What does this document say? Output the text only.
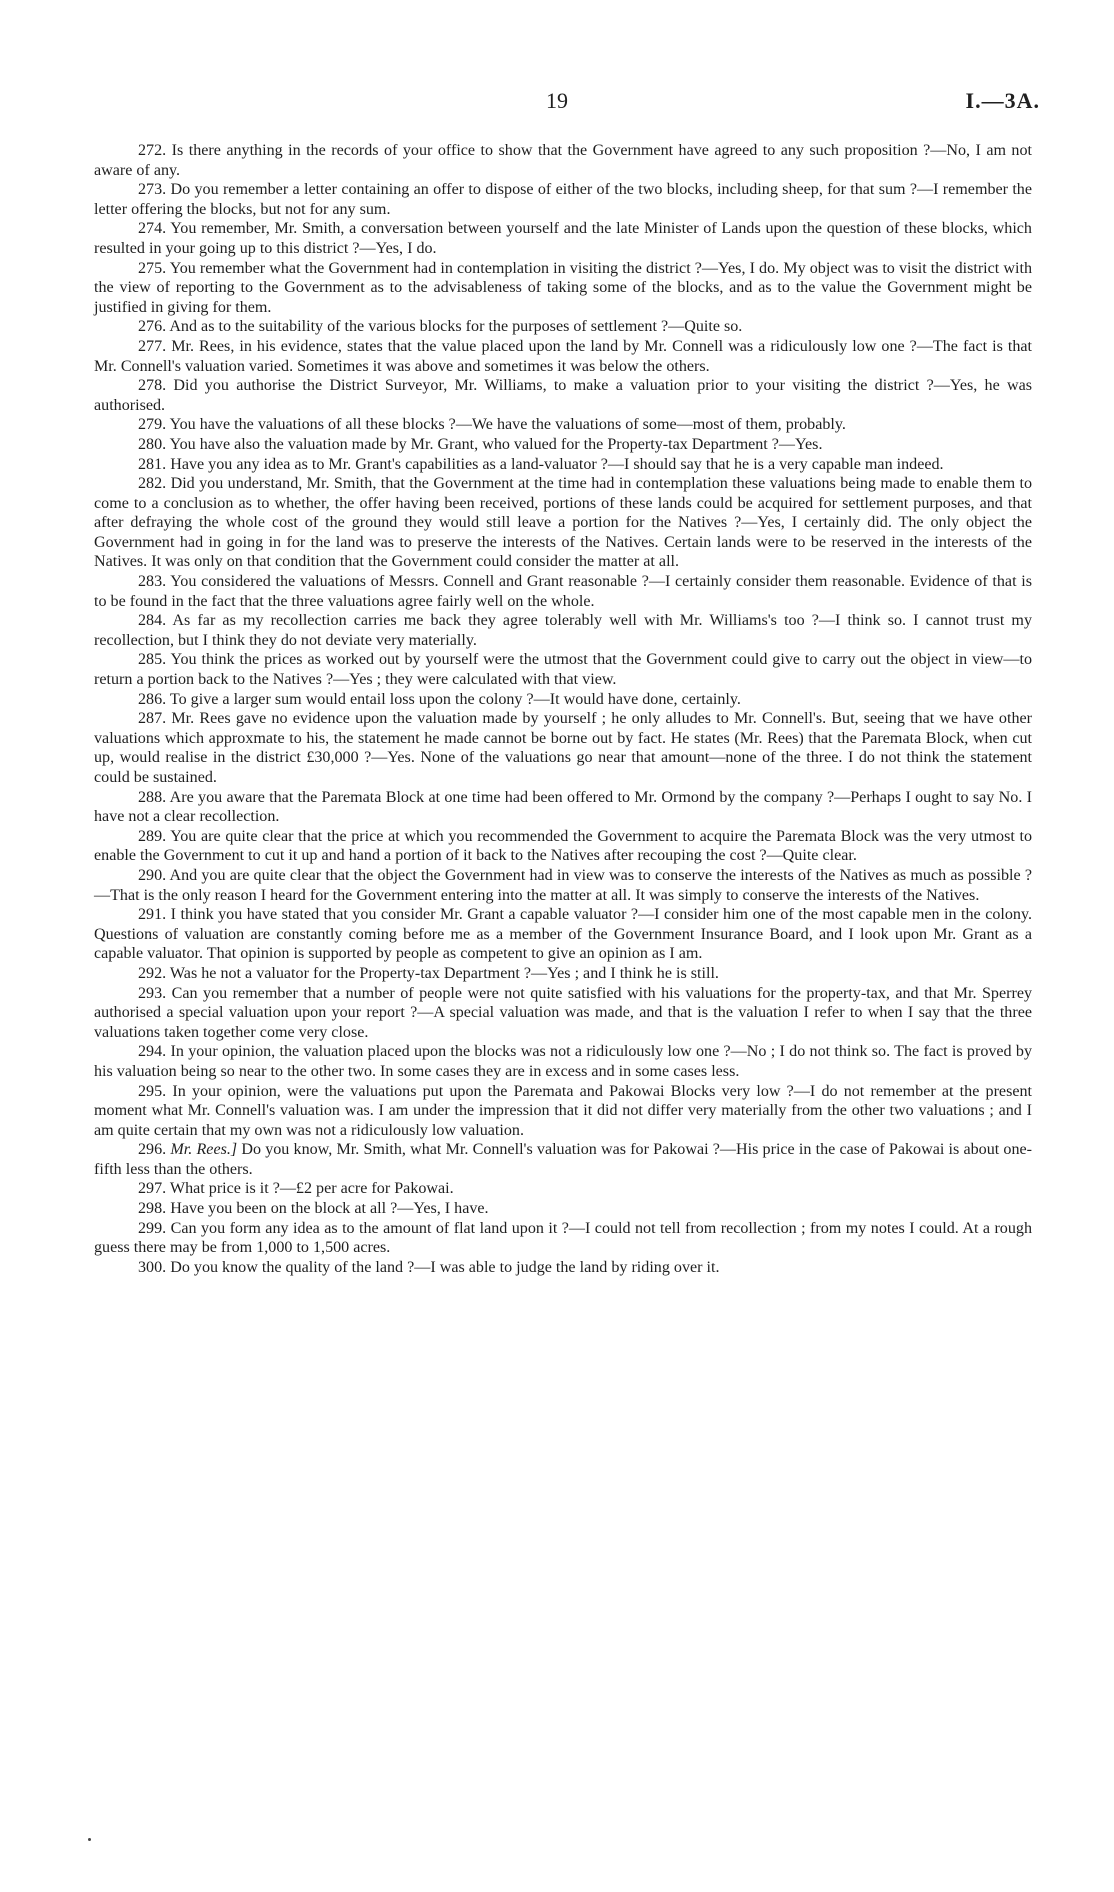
19	I.—3A.

272. Is there anything in the records of your office to show that the Government have agreed to any such proposition ?—No, I am not aware of any.

273. Do you remember a letter containing an offer to dispose of either of the two blocks, including sheep, for that sum ?—I remember the letter offering the blocks, but not for any sum.

274. You remember, Mr. Smith, a conversation between yourself and the late Minister of Lands upon the question of these blocks, which resulted in your going up to this district ?—Yes, I do.

275. You remember what the Government had in contemplation in visiting the district ?—Yes, I do. My object was to visit the district with the view of reporting to the Government as to the advisableness of taking some of the blocks, and as to the value the Government might be justified in giving for them.

276. And as to the suitability of the various blocks for the purposes of settlement ?—Quite so.

277. Mr. Rees, in his evidence, states that the value placed upon the land by Mr. Connell was a ridiculously low one ?—The fact is that Mr. Connell's valuation varied. Sometimes it was above and sometimes it was below the others.

278. Did you authorise the District Surveyor, Mr. Williams, to make a valuation prior to your visiting the district ?—Yes, he was authorised.

279. You have the valuations of all these blocks ?—We have the valuations of some—most of them, probably.

280. You have also the valuation made by Mr. Grant, who valued for the Property-tax Department ?—Yes.

281. Have you any idea as to Mr. Grant's capabilities as a land-valuator ?—I should say that he is a very capable man indeed.

282. Did you understand, Mr. Smith, that the Government at the time had in contemplation these valuations being made to enable them to come to a conclusion as to whether, the offer having been received, portions of these lands could be acquired for settlement purposes, and that after defraying the whole cost of the ground they would still leave a portion for the Natives ?—Yes, I certainly did. The only object the Government had in going in for the land was to preserve the interests of the Natives. Certain lands were to be reserved in the interests of the Natives. It was only on that condition that the Government could consider the matter at all.

283. You considered the valuations of Messrs. Connell and Grant reasonable ?—I certainly consider them reasonable. Evidence of that is to be found in the fact that the three valuations agree fairly well on the whole.

284. As far as my recollection carries me back they agree tolerably well with Mr. Williams's too ?—I think so. I cannot trust my recollection, but I think they do not deviate very materially.

285. You think the prices as worked out by yourself were the utmost that the Government could give to carry out the object in view—to return a portion back to the Natives ?—Yes ; they were calculated with that view.

286. To give a larger sum would entail loss upon the colony ?—It would have done, certainly.

287. Mr. Rees gave no evidence upon the valuation made by yourself ; he only alludes to Mr. Connell's. But, seeing that we have other valuations which approxmate to his, the statement he made cannot be borne out by fact. He states (Mr. Rees) that the Paremata Block, when cut up, would realise in the district £30,000 ?—Yes. None of the valuations go near that amount—none of the three. I do not think the statement could be sustained.

288. Are you aware that the Paremata Block at one time had been offered to Mr. Ormond by the company ?—Perhaps I ought to say No. I have not a clear recollection.

289. You are quite clear that the price at which you recommended the Government to acquire the Paremata Block was the very utmost to enable the Government to cut it up and hand a portion of it back to the Natives after recouping the cost ?—Quite clear.

290. And you are quite clear that the object the Government had in view was to conserve the interests of the Natives as much as possible ?—That is the only reason I heard for the Government entering into the matter at all. It was simply to conserve the interests of the Natives.

291. I think you have stated that you consider Mr. Grant a capable valuator ?—I consider him one of the most capable men in the colony. Questions of valuation are constantly coming before me as a member of the Government Insurance Board, and I look upon Mr. Grant as a capable valuator. That opinion is supported by people as competent to give an opinion as I am.

292. Was he not a valuator for the Property-tax Department ?—Yes ; and I think he is still.

293. Can you remember that a number of people were not quite satisfied with his valuations for the property-tax, and that Mr. Sperrey authorised a special valuation upon your report ?—A special valuation was made, and that is the valuation I refer to when I say that the three valuations taken together come very close.

294. In your opinion, the valuation placed upon the blocks was not a ridiculously low one ?—No ; I do not think so. The fact is proved by his valuation being so near to the other two. In some cases they are in excess and in some cases less.

295. In your opinion, were the valuations put upon the Paremata and Pakowai Blocks very low ?—I do not remember at the present moment what Mr. Connell's valuation was. I am under the impression that it did not differ very materially from the other two valuations ; and I am quite certain that my own was not a ridiculously low valuation.

296. Mr. Rees.] Do you know, Mr. Smith, what Mr. Connell's valuation was for Pakowai ?—His price in the case of Pakowai is about one-fifth less than the others.

297. What price is it ?—£2 per acre for Pakowai.

298. Have you been on the block at all ?—Yes, I have.

299. Can you form any idea as to the amount of flat land upon it ?—I could not tell from recollection ; from my notes I could. At a rough guess there may be from 1,000 to 1,500 acres.

300. Do you know the quality of the land ?—I was able to judge the land by riding over it.
